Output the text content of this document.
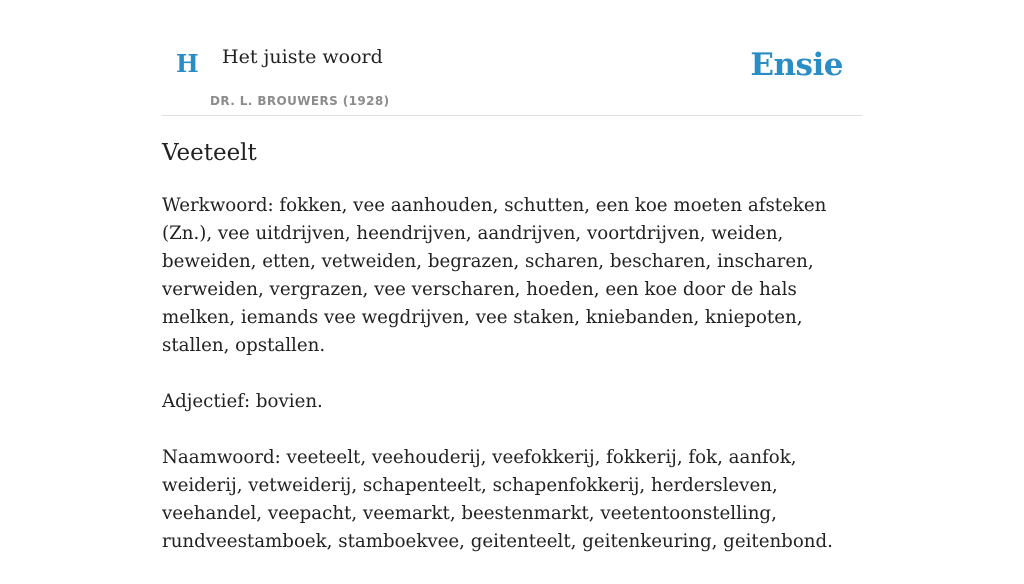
H Het juiste woord
DR. L. BROUWERS (1928)
Ensie
Veeteelt

Werkwoord: fokken, vee aanhouden, schutten, een koe moeten afsteken (Zn.), vee uitdrijven, heendrijven, aandrijven, voortdrijven, weiden, beweiden, etten, vetweiden, begrazen, scharen, bescharen, inscharen, verweiden, vergrazen, vee verscharen, hoeden, een koe door de hals melken, iemands vee wegdrijven, vee staken, kniebanden, kniepoten, stallen, opstallen.

Adjectief: bovien.

Naamwoord: veeteelt, veehouderij, veefokkerij, fokkerij, fok, aanfok, weiderij, vetweiderij, schapenteelt, schapenfokkerij, herdersleven, veehandel, veepacht, veemarkt, beestenmarkt, veetentoonstelling, rundveestamboek, stamboekvee, geitenteelt, geitenkeuring, geitenbond.
